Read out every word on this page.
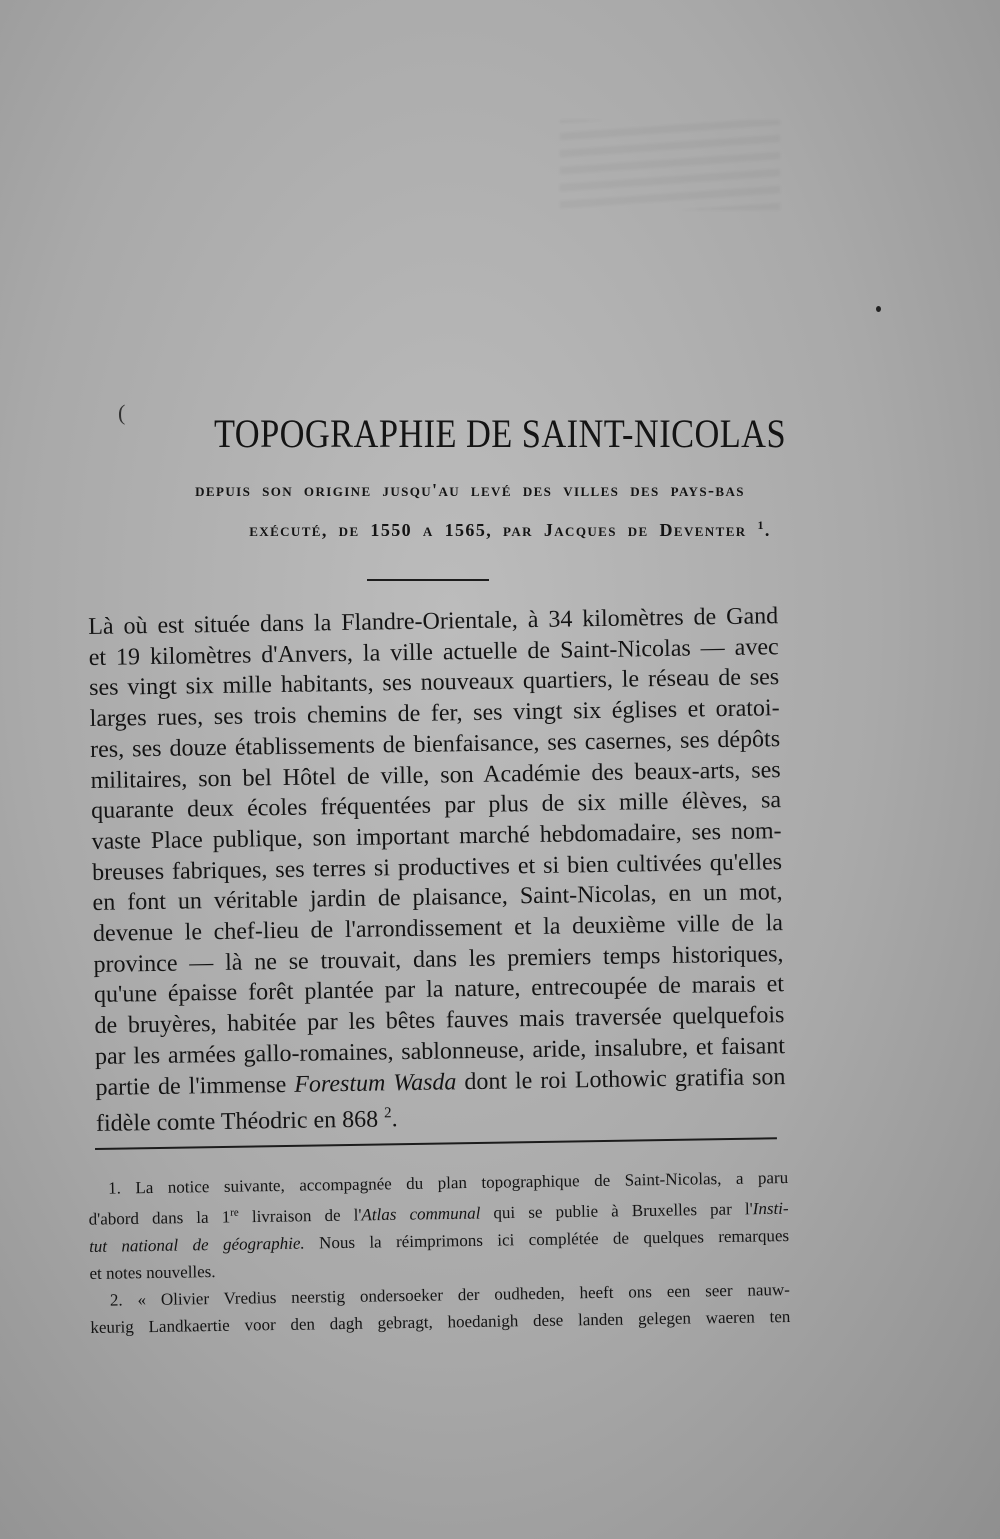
(	TOPOGRAPHIE DE SAINT-NICOLAS
depuis son origine jusqu'au levé des villes des pays-bas
exécuté, de 1550 a 1565, par Jacques de Deventer $^1$.
Là où est située dans la Flandre-Orientale, à 34 kilomètres de Gand
et 19 kilomètres d'Anvers, la ville actuelle de Saint-Nicolas — avec
ses vingt six mille habitants, ses nouveaux quartiers, le réseau de ses
larges rues, ses trois chemins de fer, ses vingt six églises et oratoi-
res, ses douze établissements de bienfaisance, ses casernes, ses dépôts
militaires, son bel Hôtel de ville, son Académie des beaux-arts, ses
quarante deux écoles fréquentées par plus de six mille élèves, sa
vaste Place publique, son important marché hebdomadaire, ses nom-
breuses fabriques, ses terres si productives et si bien cultivées qu'elles
en font un véritable jardin de plaisance, Saint-Nicolas, en un mot,
devenue le chef-lieu de l'arrondissement et la deuxième ville de la
province — là ne se trouvait, dans les premiers temps historiques,
qu'une épaisse forêt plantée par la nature, entrecoupée de marais et
de bruyères, habitée par les bêtes fauves mais traversée quelquefois
par les armées gallo-romaines, sablonneuse, aride, insalubre, et faisant
partie de l'immense Forestum Wasda dont le roi Lothowic gratifia son
fidèle comte Théodric en 868 $^2$.
1. La notice suivante, accompagnée du plan topographique de Saint-Nicolas, a paru
d'abord dans la 1re livraison de l'Atlas communal qui se publie à Bruxelles par l'Insti-
tut national de géographie. Nous la réimprimons ici complétée de quelques remarques
et notes nouvelles.
2. « Olivier Vredius neerstig ondersoeker der oudheden, heeft ons een seer nauw-
keurig Landkaertie voor den dagh gebragt, hoedanigh dese landen gelegen waeren ten
